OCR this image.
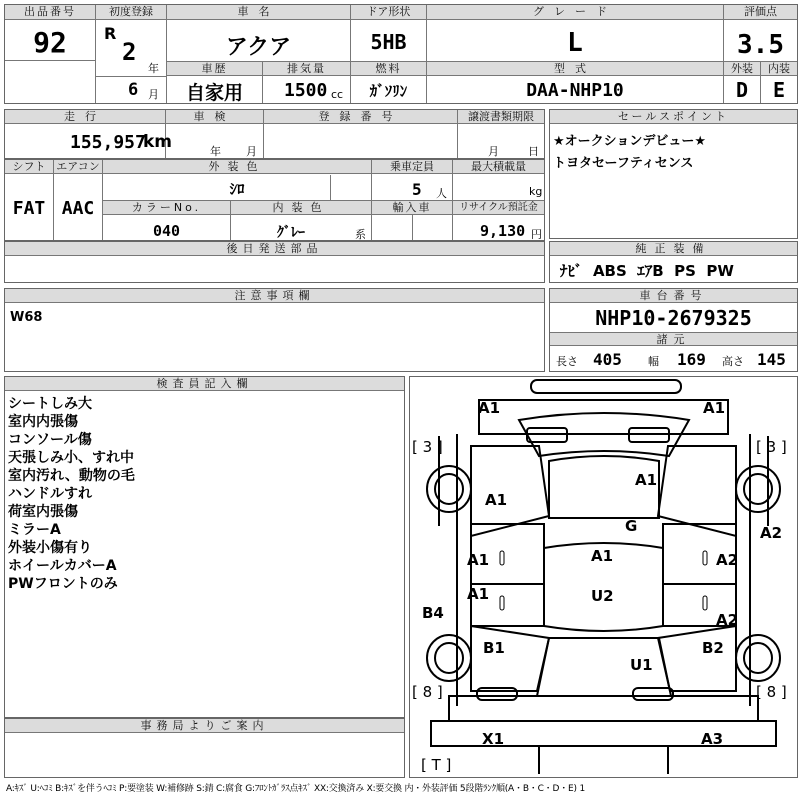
出品番号
92
初度登録
R
2
年
6 月
車名
アクア
ドア形状
5HB
グレード
L
評価点
3.5
車歴
自家用
排気量
1500 cc
燃料
ｶﾞｿﾘﾝ
型式
DAA-NHP10
外装	内装
D	E
走行
155,957
km
車検
年 月
登録番号	譲渡書類期限
月	日
セールスポイント
★オークションデビュー★
トヨタセーフティセンス
シフト
FAT
エアコン
AAC
外装色
ｼﾛ
乗車定員
5 人
最大積載量
kg
カラーNo.
040
内装色
ｸﾞﾚｰ	系
輸入車	リサイクル預託金
9,130 円
後日発送部品	純正装備
ﾅﾋﾞ  ABS  ｴｱB  PS  PW
注意事項欄
W68
車台番号
NHP10-2679325
諸元
長さ 405 幅 169 高さ 145
検査員記入欄
シートしみ大
室内内張傷
コンソール傷
天張しみ小、すれ中
室内汚れ、動物の毛
ハンドルすれ
荷室内張傷
ミラーA
外装小傷有り
ホイールカバーA
PWフロントのみ
事務局よりご案内
A1	A1
[ 3 ]	[ 3 ]
A1
A1
G	A2
A1	A1	A2
A1	U2
B4	A2
B1	B2
U1
[ 8 ]	[ 8 ]
X1	A3
[ T ]
A:ｷｽﾞ U:ﾍｺﾐ B:ｷｽﾞを伴うﾍｺﾐ P:要塗装 W:補修跡 S:錆 C:腐食 G:ﾌﾛﾝﾄｶﾞﾗｽ点ｷｽﾞ XX:交換済み X:要交換 内・外装評価 5段階ﾗﾝｸ順(A・B・C・D・E) 1
